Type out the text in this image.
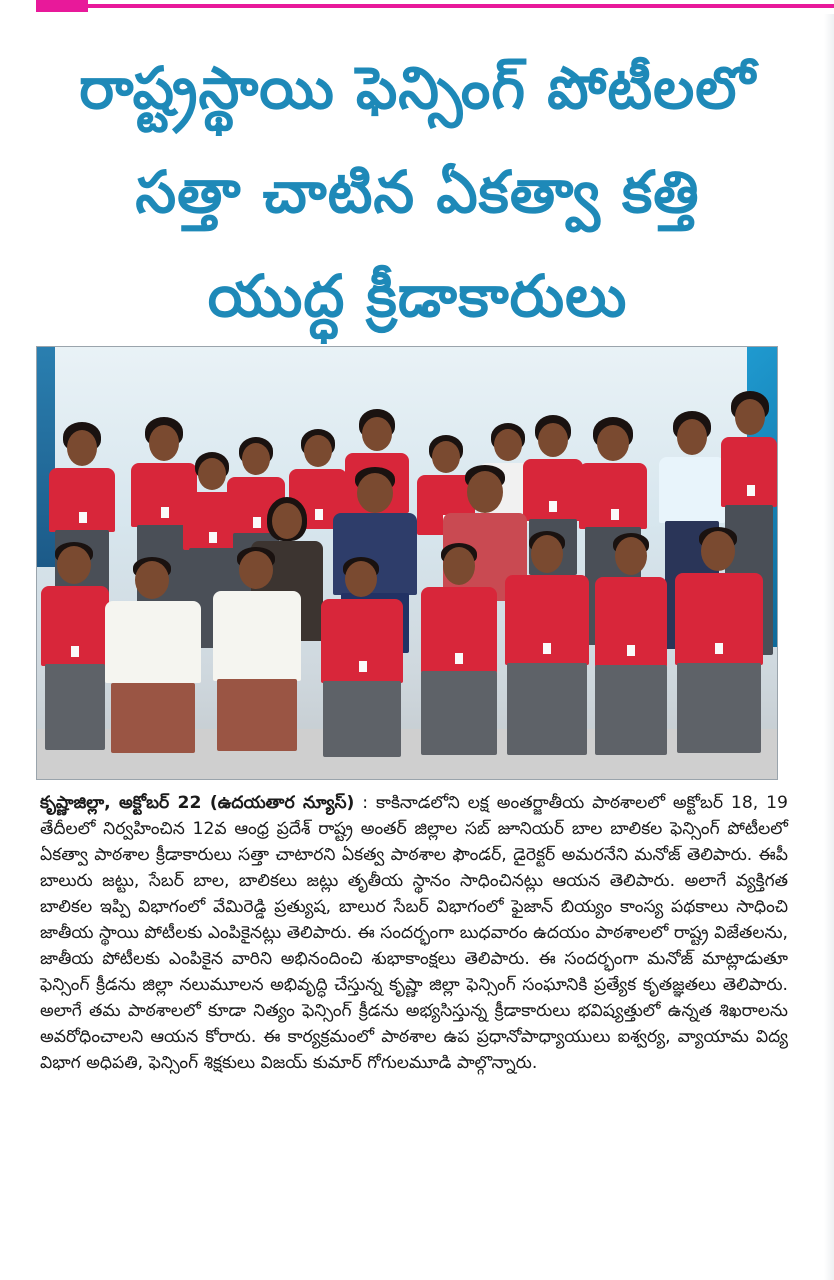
రాష్ట్రస్థాయి ఫెన్సింగ్ పోటీలలో
సత్తా చాటిన ఏకత్వా కత్తి
యుద్ధ క్రీడాకారులు
కృష్ణాజిల్లా, అక్టోబర్ 22 (ఉదయతార న్యూస్) : కాకినాడలోని లక్ష అంతర్జాతీయ పాఠశాలలో అక్టోబర్ 18, 19 తేదీలలో నిర్వహించిన 12వ ఆంధ్ర ప్రదేశ్ రాష్ట్ర అంతర్ జిల్లాల సబ్ జూనియర్ బాల బాలికల ఫెన్సింగ్ పోటీలలో ఏకత్వా పాఠశాల క్రీడాకారులు సత్తా చాటారని ఏకత్వ పాఠశాల ఫౌండర్, డైరెక్టర్ అమరనేని మనోజ్ తెలిపారు. ఈపీ బాలురు జట్టు, సేబర్ బాల, బాలికలు జట్లు తృతీయ స్థానం సాధించినట్లు ఆయన తెలిపారు. అలాగే వ్యక్తిగత బాలికల ఇప్పి విభాగంలో వేమిరెడ్డి ప్రత్యుష, బాలుర సేబర్ విభాగంలో ఫైజాన్ బియ్యం కాంస్య పథకాలు సాధించి జాతీయ స్థాయి పోటీలకు ఎంపికైనట్లు తెలిపారు. ఈ సందర్భంగా బుధవారం ఉదయం పాఠశాలలో రాష్ట్ర విజేతలను, జాతీయ పోటీలకు ఎంపికైన వారిని అభినందించి శుభాకాంక్షలు తెలిపారు. ఈ సందర్భంగా మనోజ్ మాట్లాడుతూ ఫెన్సింగ్ క్రీడను జిల్లా నలుమూలన అభివృద్ధి చేస్తున్న కృష్ణా జిల్లా ఫెన్సింగ్ సంఘానికి ప్రత్యేక కృతజ్ఞతలు తెలిపారు. అలాగే తమ పాఠశాలలో కూడా నిత్యం ఫెన్సింగ్ క్రీడను అభ్యసిస్తున్న క్రీడాకారులు భవిష్యత్తులో ఉన్నత శిఖరాలను అవరోధించాలని ఆయన కోరారు. ఈ కార్యక్రమంలో పాఠశాల ఉప ప్రధానోపాధ్యాయులు ఐశ్వర్య, వ్యాయామ విద్య విభాగ అధిపతి, ఫెన్సింగ్ శిక్షకులు విజయ్ కుమార్ గోగులమూడి పాల్గొన్నారు.
